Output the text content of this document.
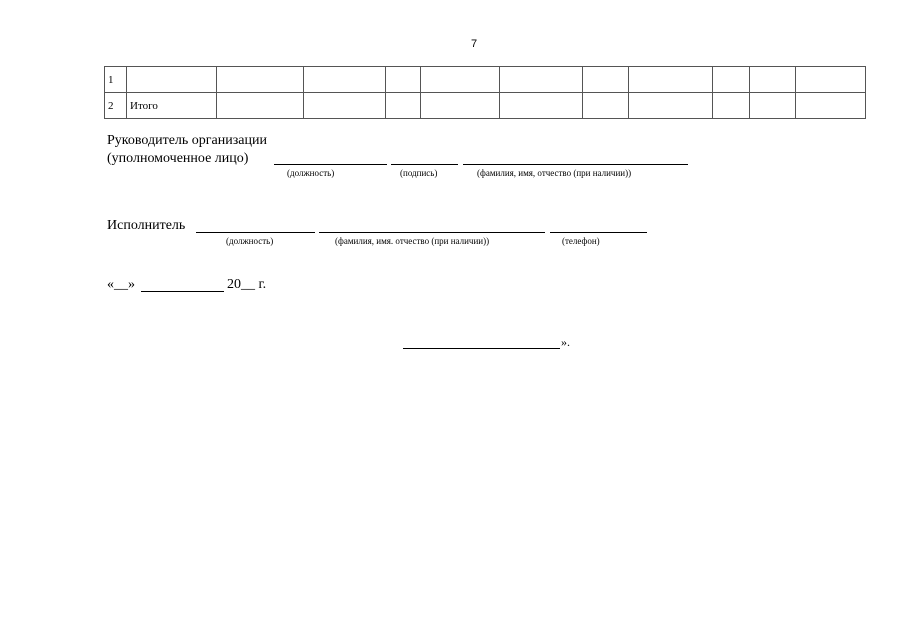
7
1											
2	Итого										
Руководитель организации
(уполномоченное лицо)
(должность)	(подпись)	(фамилия, имя, отчество (при наличии))
Исполнитель
(должность)	(фамилия, имя. отчество (при наличии))	(телефон)
«__»	20__ г.
».
